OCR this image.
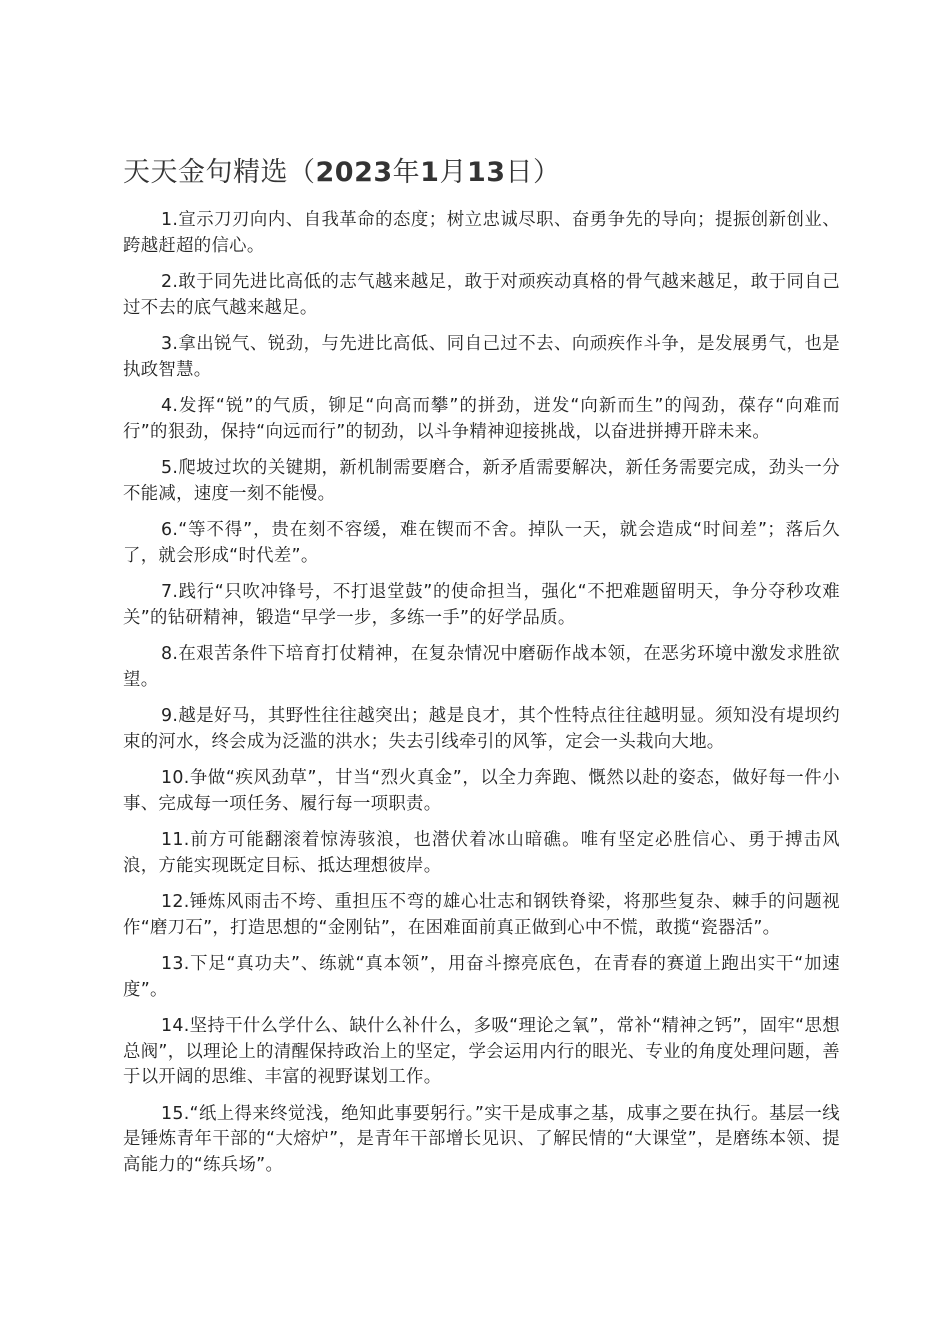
天天金句精选（2023年1月13日）
1.宣示刀刃向内、自我革命的态度；树立忠诚尽职、奋勇争先的导向；提振创新创业、跨越赶超的信心。
2.敢于同先进比高低的志气越来越足，敢于对顽疾动真格的骨气越来越足，敢于同自己过不去的底气越来越足。
3.拿出锐气、锐劲，与先进比高低、同自己过不去、向顽疾作斗争，是发展勇气，也是执政智慧。
4.发挥“锐”的气质，铆足“向高而攀”的拼劲，迸发“向新而生”的闯劲，葆存“向难而行”的狠劲，保持“向远而行”的韧劲，以斗争精神迎接挑战，以奋进拼搏开辟未来。
5.爬坡过坎的关键期，新机制需要磨合，新矛盾需要解决，新任务需要完成，劲头一分不能减，速度一刻不能慢。
6.“等不得”，贵在刻不容缓，难在锲而不舍。掉队一天，就会造成“时间差”；落后久了，就会形成“时代差”。
7.践行“只吹冲锋号，不打退堂鼓”的使命担当，强化“不把难题留明天，争分夺秒攻难关”的钻研精神，锻造“早学一步，多练一手”的好学品质。
8.在艰苦条件下培育打仗精神，在复杂情况中磨砺作战本领，在恶劣环境中激发求胜欲望。
9.越是好马，其野性往往越突出；越是良才，其个性特点往往越明显。须知没有堤坝约束的河水，终会成为泛滥的洪水；失去引线牵引的风筝，定会一头栽向大地。
10.争做“疾风劲草”，甘当“烈火真金”，以全力奔跑、慨然以赴的姿态，做好每一件小事、完成每一项任务、履行每一项职责。
11.前方可能翻滚着惊涛骇浪，也潜伏着冰山暗礁。唯有坚定必胜信心、勇于搏击风浪，方能实现既定目标、抵达理想彼岸。
12.锤炼风雨击不垮、重担压不弯的雄心壮志和钢铁脊梁，将那些复杂、棘手的问题视作“磨刀石”，打造思想的“金刚钻”，在困难面前真正做到心中不慌，敢揽“瓷器活”。
13.下足“真功夫”、练就“真本领”，用奋斗擦亮底色，在青春的赛道上跑出实干“加速度”。
14.坚持干什么学什么、缺什么补什么，多吸“理论之氧”，常补“精神之钙”，固牢“思想总阀”，以理论上的清醒保持政治上的坚定，学会运用内行的眼光、专业的角度处理问题，善于以开阔的思维、丰富的视野谋划工作。
15.“纸上得来终觉浅，绝知此事要躬行。”实干是成事之基，成事之要在执行。基层一线是锤炼青年干部的“大熔炉”，是青年干部增长见识、了解民情的“大课堂”，是磨练本领、提高能力的“练兵场”。
